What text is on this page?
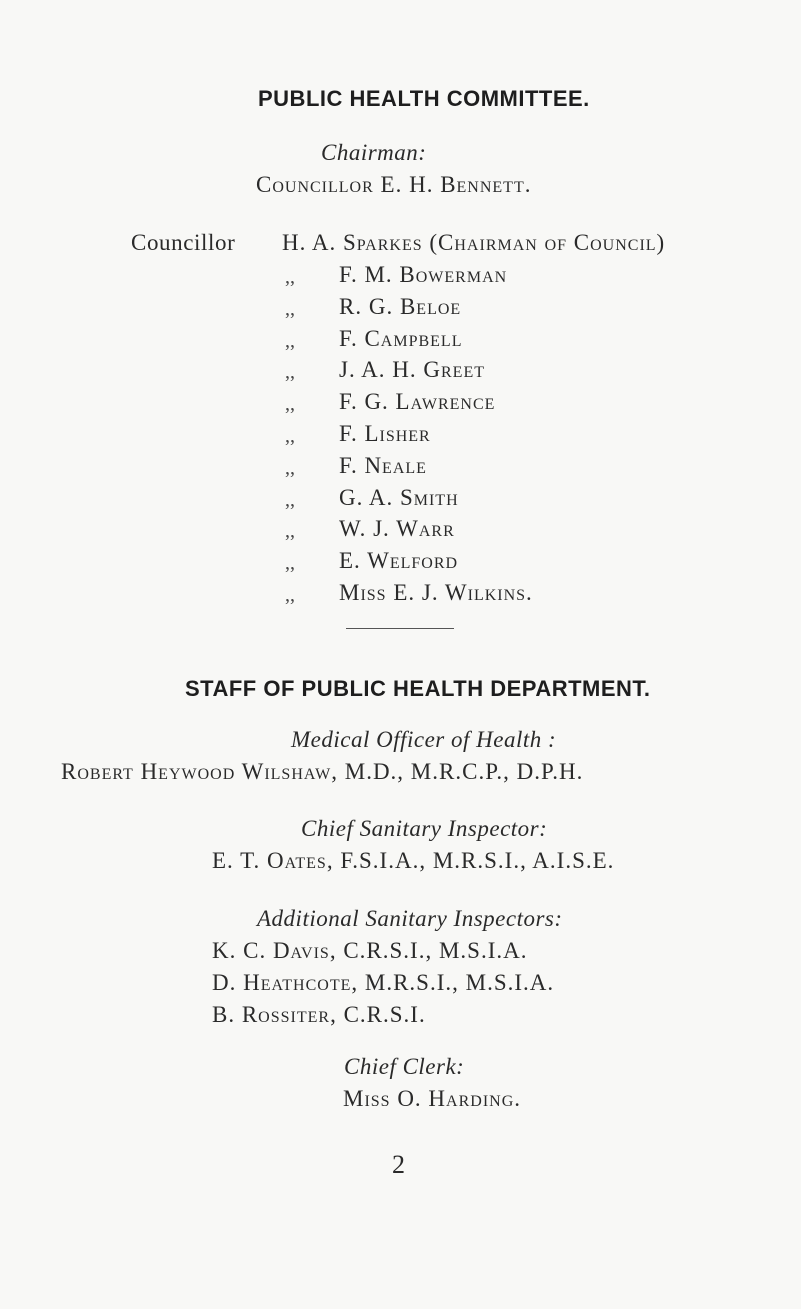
PUBLIC HEALTH COMMITTEE.
Chairman:
Councillor E. H. Bennett.
Councillor H. A. Sparkes (Chairman of Council)
,, F. M. Bowerman
,, R. G. Beloe
,, F. Campbell
,, J. A. H. Greet
,, F. G. Lawrence
,, F. Lisher
,, F. Neale
,, G. A. Smith
,, W. J. Warr
,, E. Welford
,, Miss E. J. Wilkins.
STAFF OF PUBLIC HEALTH DEPARTMENT.
Medical Officer of Health :
Robert Heywood Wilshaw, M.D., M.R.C.P., D.P.H.
Chief Sanitary Inspector:
E. T. Oates, F.S.I.A., M.R.S.I., A.I.S.E.
Additional Sanitary Inspectors:
K. C. Davis, C.R.S.I., M.S.I.A.
D. Heathcote, M.R.S.I., M.S.I.A.
B. Rossiter, C.R.S.I.
Chief Clerk:
Miss O. Harding.
2
